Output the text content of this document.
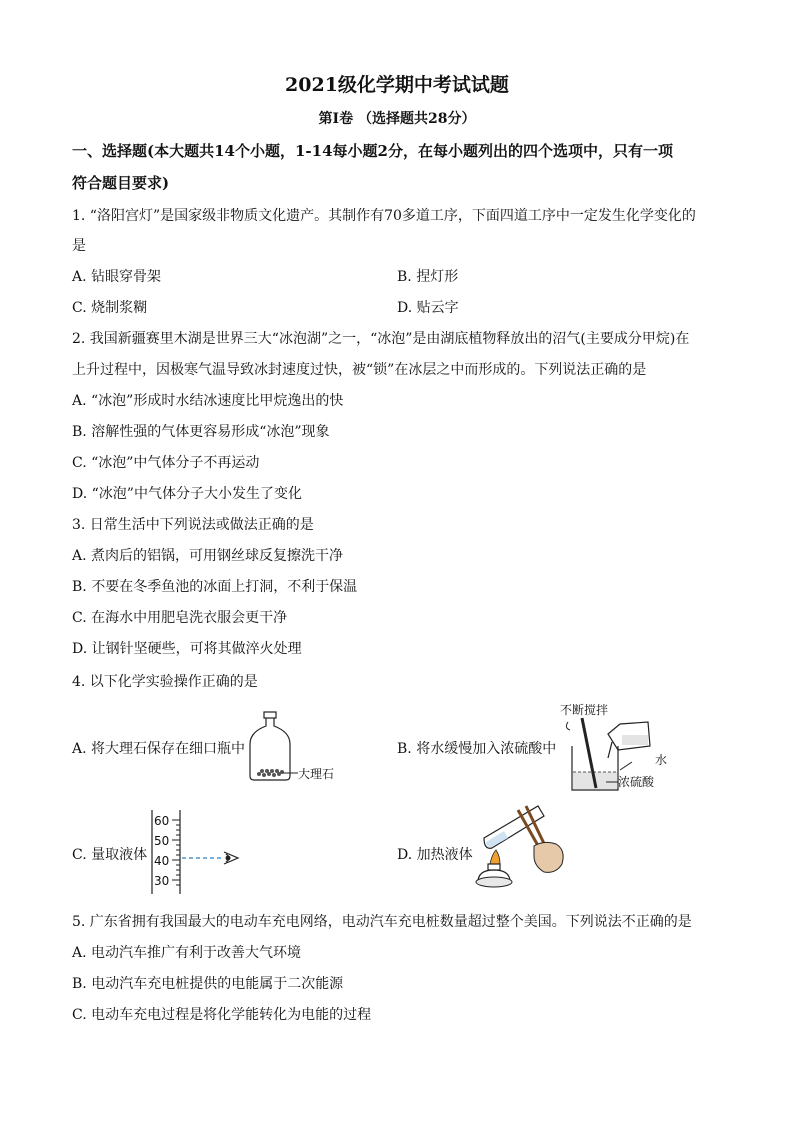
2021级化学期中考试试题
第Ⅰ卷 （选择题共28分）
一、选择题(本大题共14个小题，1-14每小题2分，在每小题列出的四个选项中，只有一项
符合题目要求)
1. “洛阳宫灯”是国家级非物质文化遗产。其制作有70多道工序，下面四道工序中一定发生化学变化的
是
A. 钻眼穿骨架	B. 捏灯形
C. 烧制浆糊	D. 贴云字
2. 我国新疆赛里木湖是世界三大“冰泡湖”之一，“冰泡”是由湖底植物释放出的沼气(主要成分甲烷)在
上升过程中，因极寒气温导致冰封速度过快，被“锁”在冰层之中而形成的。下列说法正确的是
A. “冰泡”形成时水结冰速度比甲烷逸出的快
B. 溶解性强的气体更容易形成“冰泡”现象
C. “冰泡”中气体分子不再运动
D. “冰泡”中气体分子大小发生了变化
3. 日常生活中下列说法或做法正确的是
A. 煮肉后的铝锅，可用钢丝球反复擦洗干净
B. 不要在冬季鱼池的冰面上打洞，不利于保温
C. 在海水中用肥皂洗衣服会更干净
D. 让钢针坚硬些，可将其做淬火处理
4. 以下化学实验操作正确的是
A. 将大理石保存在细口瓶中
大理石
B. 将水缓慢加入浓硫酸中
不断搅拌
水
浓硫酸
C. 量取液体
60
50
40
30
D. 加热液体
5. 广东省拥有我国最大的电动车充电网络，电动汽车充电桩数量超过整个美国。下列说法不正确的是
A. 电动汽车推广有利于改善大气环境
B. 电动汽车充电桩提供的电能属于二次能源
C. 电动车充电过程是将化学能转化为电能的过程
